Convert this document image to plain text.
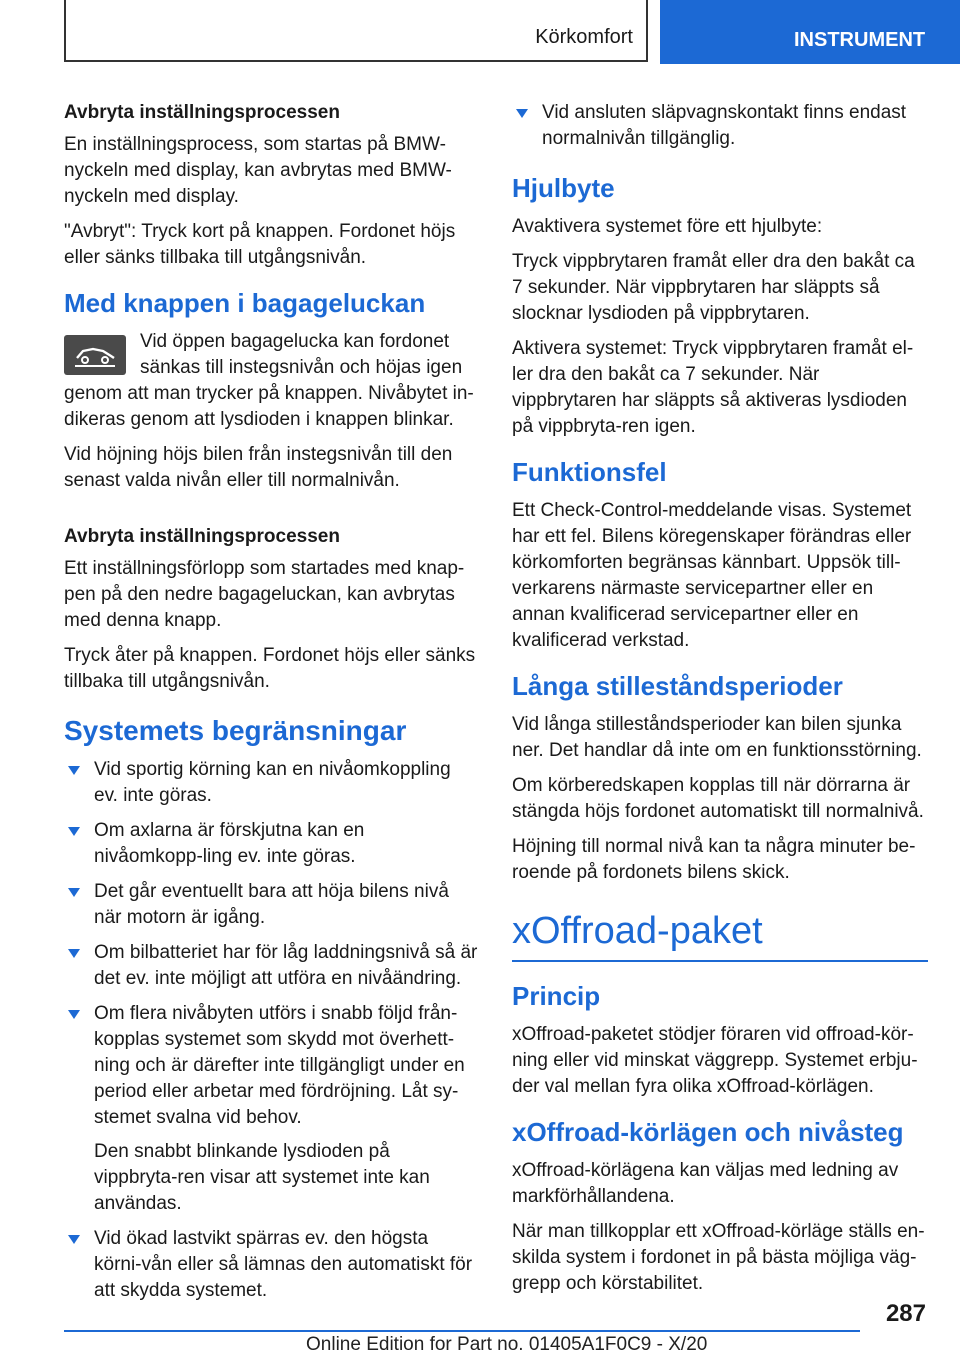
Körkomfort	INSTRUMENT
Avbryta inställningsprocessen

En inställningsprocess, som startas på BMW-nyckeln med display, kan avbrytas med BMW-nyckeln med display.

"Avbryt": Tryck kort på knappen. Fordonet höjs eller sänks tillbaka till utgångsnivån.

Med knappen i bagageluckan

Vid öppen bagagelucka kan fordonet sänkas till instegsnivån och höjas igen genom att man trycker på knappen. Nivåbytet in-dikeras genom att lysdioden i knappen blinkar.

Vid höjning höjs bilen från instegsnivån till den senast valda nivån eller till normalnivån.

Avbryta inställningsprocessen

Ett inställningsförlopp som startades med knap-pen på den nedre bagageluckan, kan avbrytas med denna knapp.

Tryck åter på knappen. Fordonet höjs eller sänks tillbaka till utgångsnivån.

Systemets begränsningar
Vid sportig körning kan en nivåomkoppling ev. inte göras.
Om axlarna är förskjutna kan en nivåomkopp-ling ev. inte göras.
Det går eventuellt bara att höja bilens nivå när motorn är igång.
Om bilbatteriet har för låg laddningsnivå så är det ev. inte möjligt att utföra en nivåändring.
Om flera nivåbyten utförs i snabb följd från-kopplas systemet som skydd mot överhett-ning och är därefter inte tillgängligt under en period eller arbetar med fördröjning. Låt sy-stemet svalna vid behov.
Den snabbt blinkande lysdioden på vippbryta-ren visar att systemet inte kan användas.
Vid ökad lastvikt spärras ev. den högsta körni-vån eller så lämnas den automatiskt för att skydda systemet.
Vid ansluten släpvagnskontakt finns endast normalnivån tillgänglig.
Hjulbyte

Avaktivera systemet före ett hjulbyte:

Tryck vippbrytaren framåt eller dra den bakåt ca 7 sekunder. När vippbrytaren har släppts så slocknar lysdioden på vippbrytaren.

Aktivera systemet: Tryck vippbrytaren framåt el-ler dra den bakåt ca 7 sekunder. När vippbrytaren har släppts så aktiveras lysdioden på vippbryta-ren igen.

Funktionsfel

Ett Check-Control-meddelande visas. Systemet har ett fel. Bilens köregenskaper förändras eller körkomforten begränsas kännbart. Uppsök till-verkarens närmaste servicepartner eller en annan kvalificerad servicepartner eller en kvalificerad verkstad.

Långa stilleståndsperioder

Vid långa stilleståndsperioder kan bilen sjunka ner. Det handlar då inte om en funktionsstörning.

Om körberedskapen kopplas till när dörrarna är stängda höjs fordonet automatiskt till normalnivå.

Höjning till normal nivå kan ta några minuter be-roende på fordonets bilens skick.

xOffroad-paket
Princip

xOffroad-paketet stödjer föraren vid offroad-kör-ning eller vid minskat väggrepp. Systemet erbju-der val mellan fyra olika xOffroad-körlägen.

xOffroad-körlägen och nivåsteg

xOffroad-körlägena kan väljas med ledning av markförhållandena.

När man tillkopplar ett xOffroad-körläge ställs en-skilda system i fordonet in på bästa möjliga väg-grepp och körstabilitet.

287
Online Edition for Part no. 01405A1F0C9 - X/20
